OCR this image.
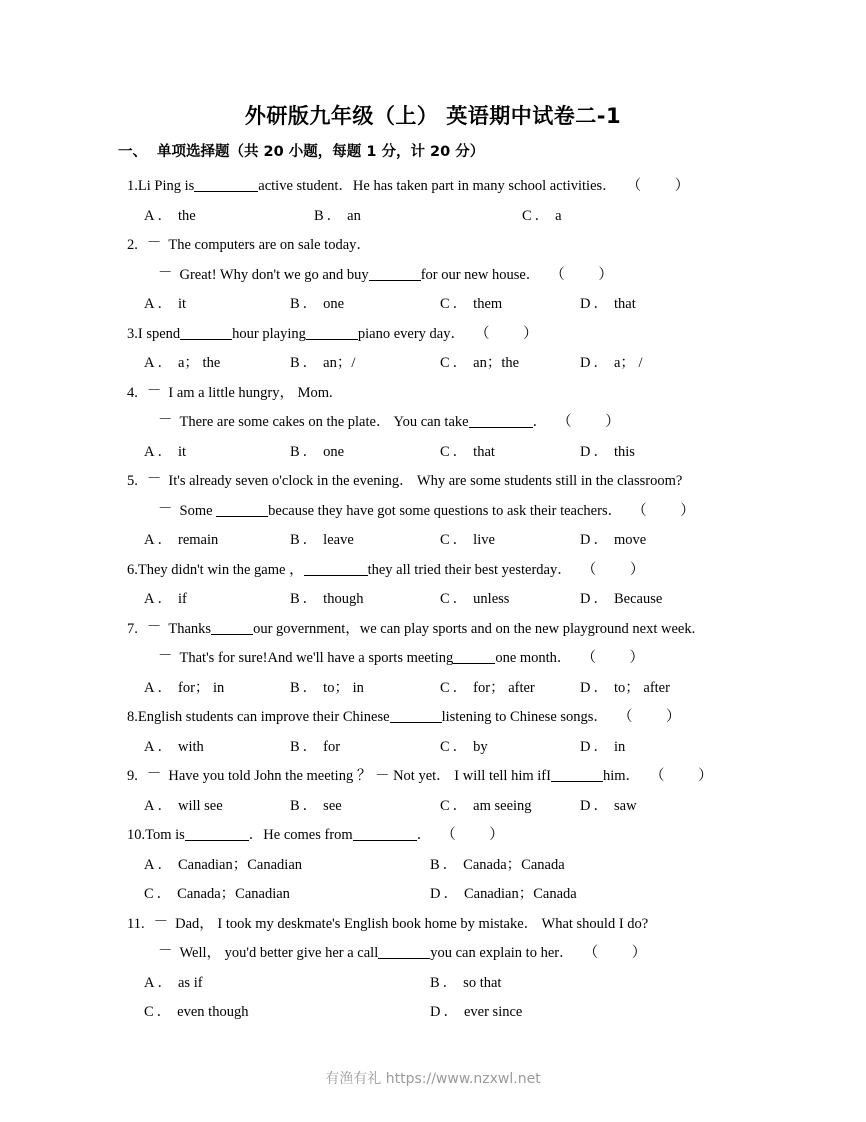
外研版九年级（上） 英语期中试卷二-1
一、 单项选择题（共 20 小题，每题 1 分，计 20 分）
1.Li Ping is	active student．He has taken part in many school activities． （ ）
A ． the	B ． an	C ． a
2. － The computers are on sale today．
－ Great! Why don't we go and buy	for our new house． （ ）
A ． it	B ． one	C ． them	D ． that
3.I spend	hour playing	piano every day． （ ）
A ． a； the	B ． an；/	C ． an；the	D ． a； /
4. － I am a little hungry， Mom.
－ There are some cakes on the plate． You can take	． （ ）
A ． it	B ． one	C ． that	D ． this
5. － It's already seven o'clock in the evening． Why are some students still in the classroom?
－ Some	because they have got some questions to ask their teachers． （ ）
A ． remain	B ． leave	C ． live	D ． move
6.They didn't win the game ，	they all tried their best yesterday． （ ）
A ． if	B ． though	C ． unless	D ． Because
7. － Thanks	our government，we can play sports and on the new playground next week.
－ That's for sure!And we'll have a sports meeting	one month． （ ）
A ． for； in	B ． to； in	C ． for； after	D ． to； after
8.English students can improve their Chinese	listening to Chinese songs． （ ）
A ． with	B ． for	C ． by	D ． in
9. － Have you told John the meeting ？ － Not yet． I will tell him ifI	him． （ ）
A ． will see	B ． see	C ． am seeing	D ． saw
10.Tom is	．He comes from	． （ ）
A ． Canadian；Canadian	B ． Canada；Canada
C ． Canada；Canadian	D ． Canadian；Canada
11. － Dad， I took my deskmate's English book home by mistake． What should I do?
－ Well， you'd better give her a call	you can explain to her． （ ）
A ． as if	B ． so that
C ． even though	D ． ever since
有渔有礼 https://www.nzxwl.net
